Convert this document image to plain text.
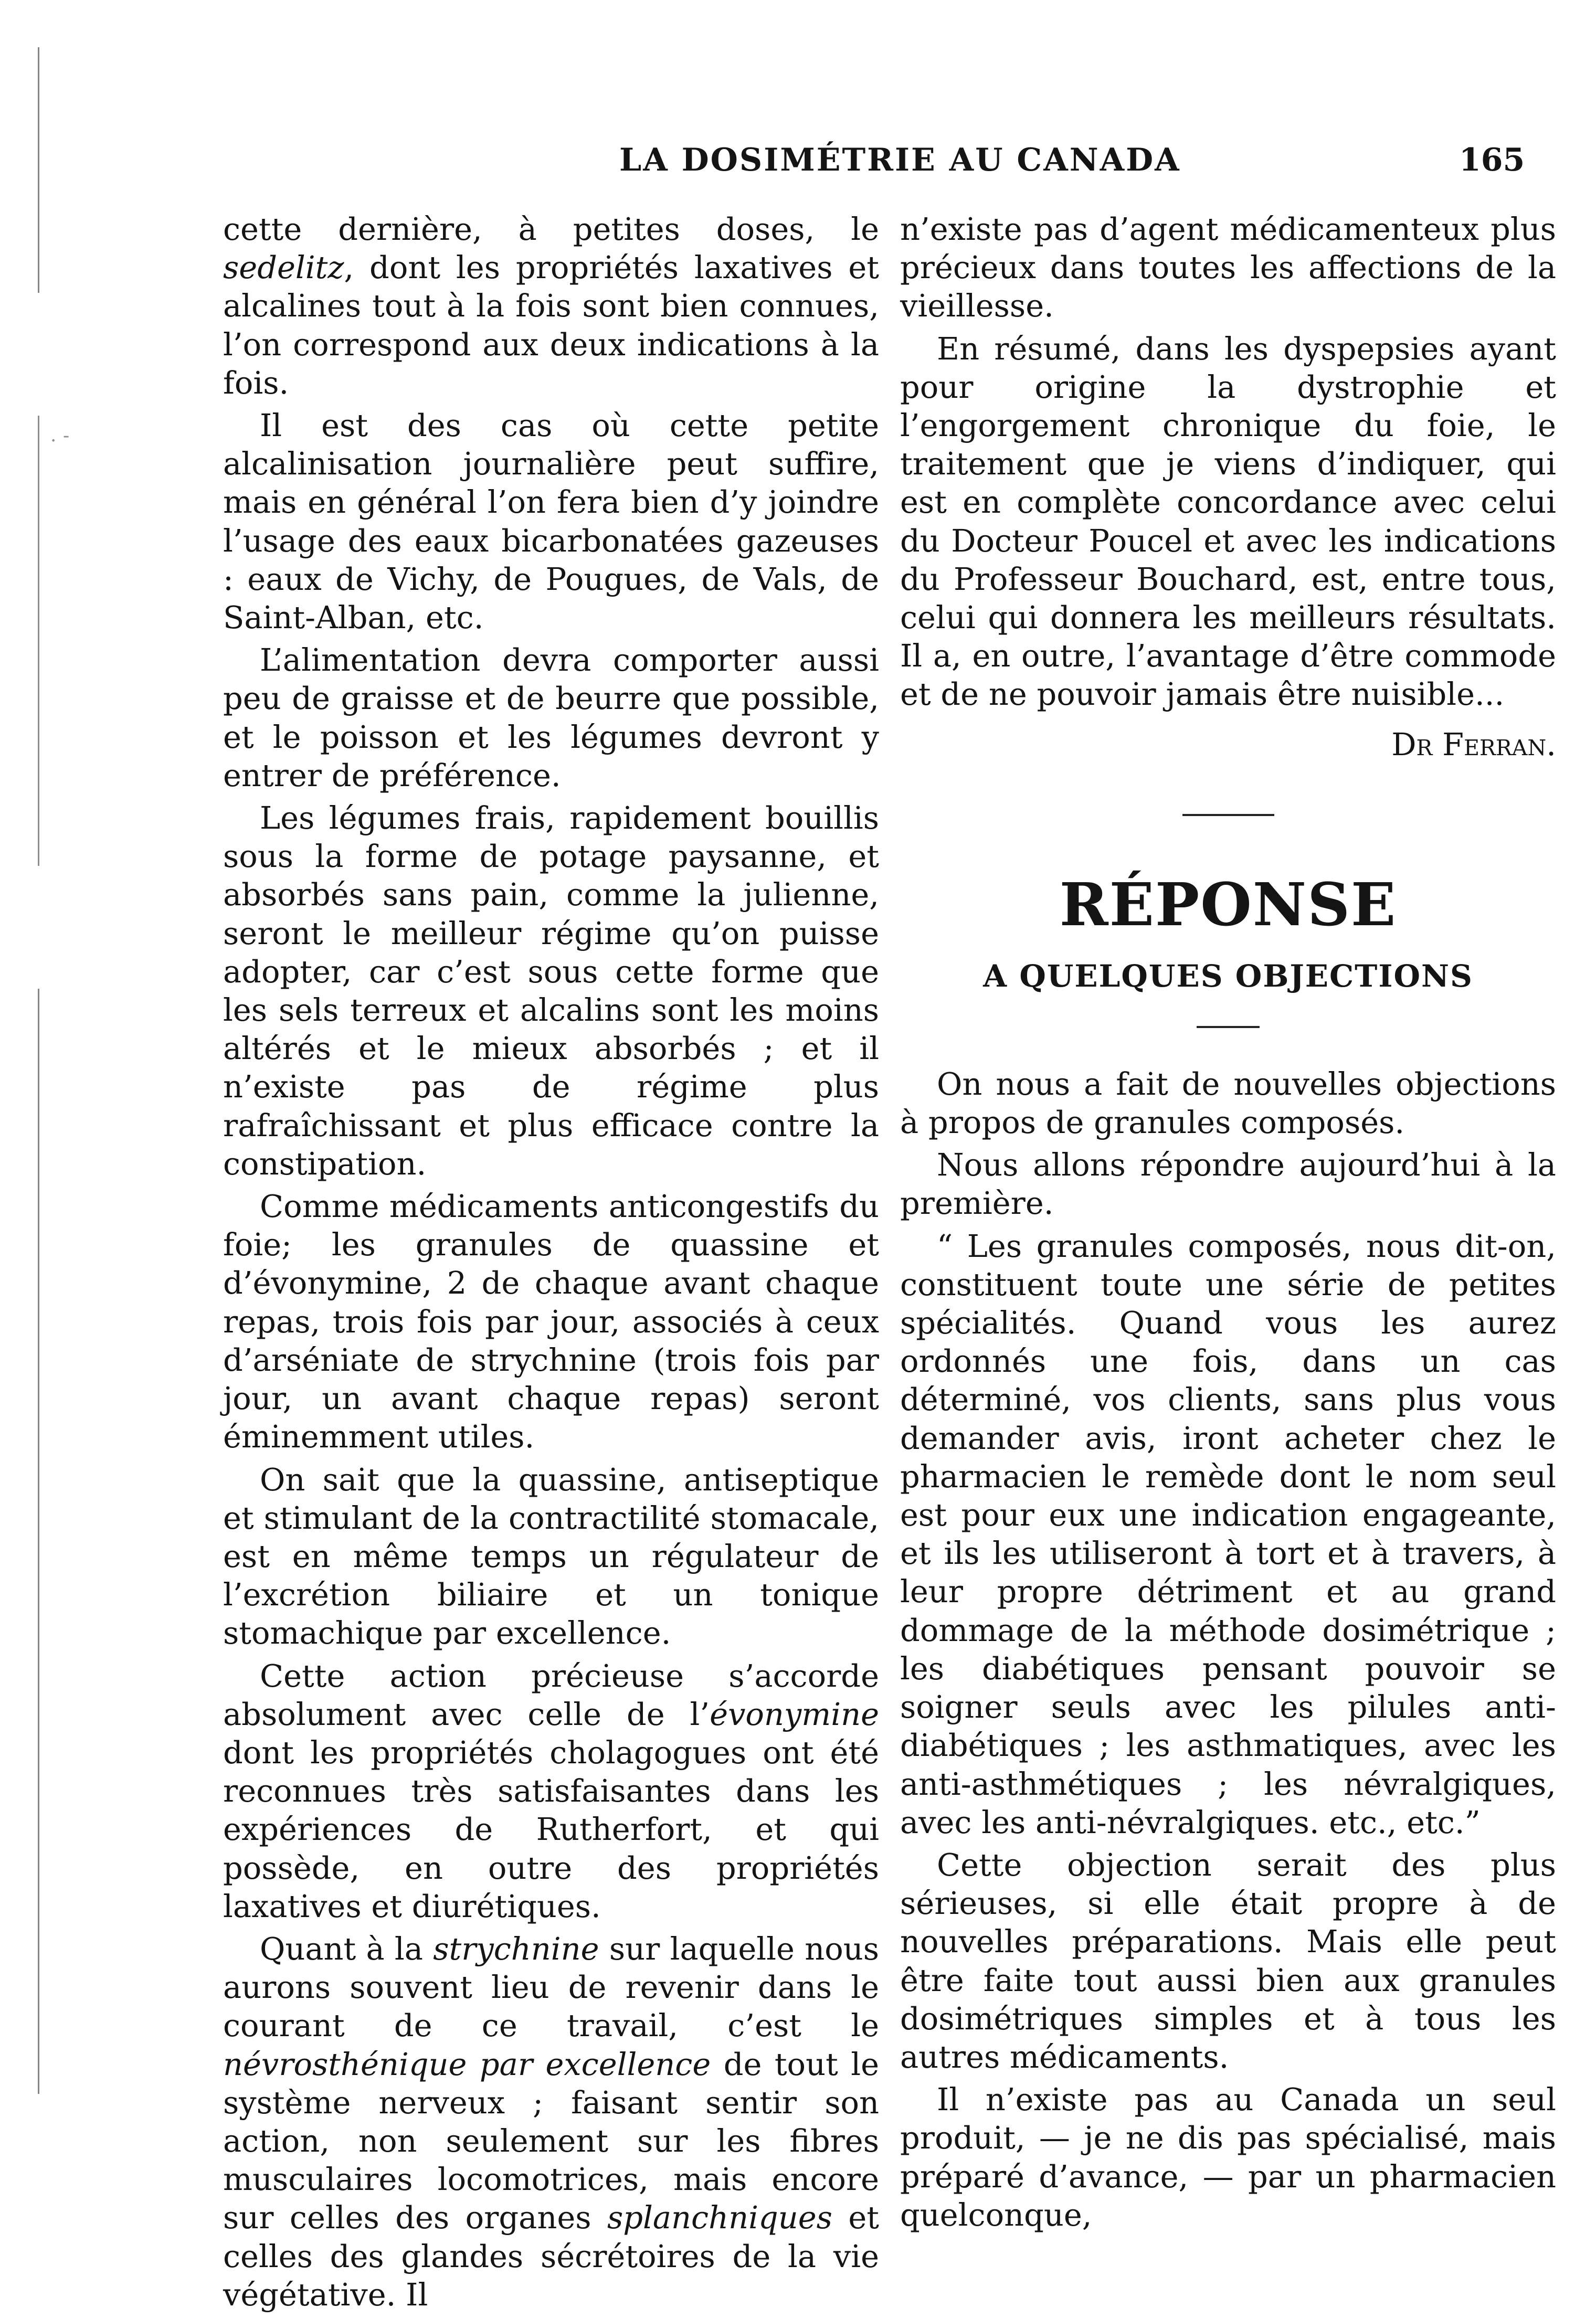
· -
LA DOSIMÉTRIE AU CANADA	165

cette dernière, à petites doses, le sedelitz, dont les propriétés laxatives et alcalines tout à la fois sont bien connues, l’on correspond aux deux indications à la fois.

Il est des cas où cette petite alcalinisation journalière peut suffire, mais en général l’on fera bien d’y joindre l’usage des eaux bicarbonatées gazeuses : eaux de Vichy, de Pougues, de Vals, de Saint-Alban, etc.

L’alimentation devra comporter aussi peu de graisse et de beurre que possible, et le poisson et les légumes devront y entrer de préférence.

Les légumes frais, rapidement bouillis sous la forme de potage paysanne, et absorbés sans pain, comme la julienne, seront le meilleur régime qu’on puisse adopter, car c’est sous cette forme que les sels terreux et alcalins sont les moins altérés et le mieux absorbés ; et il n’existe pas de régime plus rafraîchissant et plus efficace contre la constipation.

Comme médicaments anticongestifs du foie; les granules de quassine et d’évonymine, 2 de chaque avant chaque repas, trois fois par jour, associés à ceux d’arséniate de strychnine (trois fois par jour, un avant chaque repas) seront éminemment utiles.

On sait que la quassine, antiseptique et stimulant de la contractilité stomacale, est en même temps un régulateur de l’excrétion biliaire et un tonique stomachique par excellence.

Cette action précieuse s’accorde absolument avec celle de l’évonymine dont les propriétés cholagogues ont été reconnues très satisfaisantes dans les expériences de Rutherfort, et qui possède, en outre des propriétés laxatives et diurétiques.

Quant à la strychnine sur laquelle nous aurons souvent lieu de revenir dans le courant de ce travail, c’est le névrosthénique par excellence de tout le système nerveux ; faisant sentir son action, non seulement sur les fibres musculaires locomotrices, mais encore sur celles des organes splanchniques et celles des glandes sécrétoires de la vie végétative. Il

n’existe pas d’agent médicamenteux plus précieux dans toutes les affections de la vieillesse.

En résumé, dans les dyspepsies ayant pour origine la dystrophie et l’engorgement chronique du foie, le traitement que je viens d’indiquer, qui est en complète concordance avec celui du Docteur Poucel et avec les indications du Professeur Bouchard, est, entre tous, celui qui donnera les meilleurs résultats. Il a, en outre, l’avantage d’être commode et de ne pouvoir jamais être nuisible...

Dr Ferran.

RÉPONSE
A QUELQUES OBJECTIONS

On nous a fait de nouvelles objections à propos de granules composés.

Nous allons répondre aujourd’hui à la première.

“ Les granules composés, nous dit-on, constituent toute une série de petites spécialités. Quand vous les aurez ordonnés une fois, dans un cas déterminé, vos clients, sans plus vous demander avis, iront acheter chez le pharmacien le remède dont le nom seul est pour eux une indication engageante, et ils les utiliseront à tort et à travers, à leur propre détriment et au grand dommage de la méthode dosimétrique ; les diabétiques pensant pouvoir se soigner seuls avec les pilules anti-diabétiques ; les asthmatiques, avec les anti-asthmétiques ; les névralgiques, avec les anti-névralgiques. etc., etc.”

Cette objection serait des plus sérieuses, si elle était propre à de nouvelles préparations. Mais elle peut être faite tout aussi bien aux granules dosimétriques simples et à tous les autres médicaments.

Il n’existe pas au Canada un seul produit, — je ne dis pas spécialisé, mais préparé d’avance, — par un pharmacien quelconque,
